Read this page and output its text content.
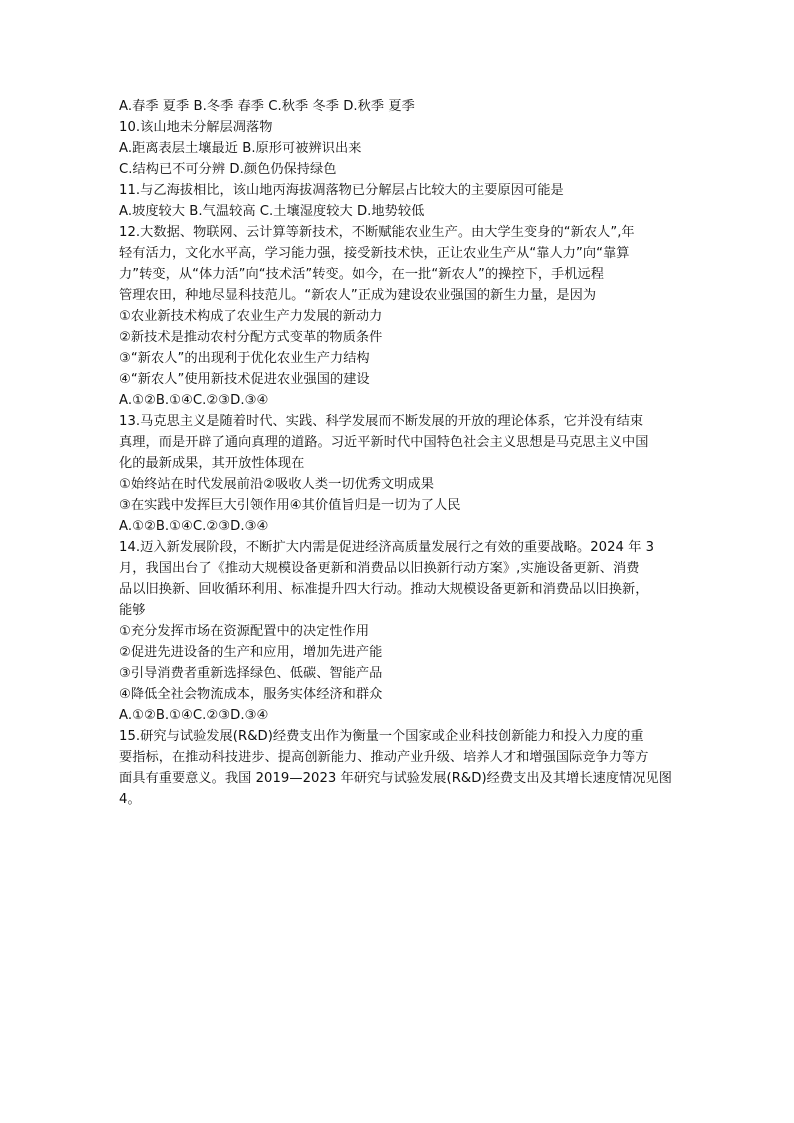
A.春季 夏季 B.冬季 春季 C.秋季 冬季 D.秋季 夏季
10.该山地未分解层凋落物
A.距离表层土壤最近 B.原形可被辨识出来
C.结构已不可分辨 D.颜色仍保持绿色
11.与乙海拔相比，该山地丙海拔凋落物已分解层占比较大的主要原因可能是
A.坡度较大 B.气温较高 C.土壤湿度较大 D.地势较低
12.大数据、物联网、云计算等新技术，不断赋能农业生产。由大学生变身的“新农人”,年
轻有活力，文化水平高，学习能力强，接受新技术快，正让农业生产从“靠人力”向“靠算
力”转变，从“体力活”向“技术活”转变。如今，在一批“新农人”的操控下，手机远程
管理农田，种地尽显科技范儿。“新农人”正成为建设农业强国的新生力量，是因为
①农业新技术构成了农业生产力发展的新动力
②新技术是推动农村分配方式变革的物质条件
③“新农人”的出现利于优化农业生产力结构
④“新农人”使用新技术促进农业强国的建设
A.①②B.①④C.②③D.③④
13.马克思主义是随着时代、实践、科学发展而不断发展的开放的理论体系，它并没有结束
真理，而是开辟了通向真理的道路。习近平新时代中国特色社会主义思想是马克思主义中国
化的最新成果，其开放性体现在
①始终站在时代发展前沿②吸收人类一切优秀文明成果
③在实践中发挥巨大引领作用④其价值旨归是一切为了人民
A.①②B.①④C.②③D.③④
14.迈入新发展阶段，不断扩大内需是促进经济高质量发展行之有效的重要战略。2024 年 3
月，我国出台了《推动大规模设备更新和消费品以旧换新行动方案》,实施设备更新、消费
品以旧换新、回收循环利用、标准提升四大行动。推动大规模设备更新和消费品以旧换新，
能够
①充分发挥市场在资源配置中的决定性作用
②促进先进设备的生产和应用，增加先进产能
③引导消费者重新选择绿色、低碳、智能产品
④降低全社会物流成本，服务实体经济和群众
A.①②B.①④C.②③D.③④
15.研究与试验发展(R&D)经费支出作为衡量一个国家或企业科技创新能力和投入力度的重
要指标，在推动科技进步、提高创新能力、推动产业升级、培养人才和增强国际竞争力等方
面具有重要意义。我国 2019—2023 年研究与试验发展(R&D)经费支出及其增长速度情况见图
4。
